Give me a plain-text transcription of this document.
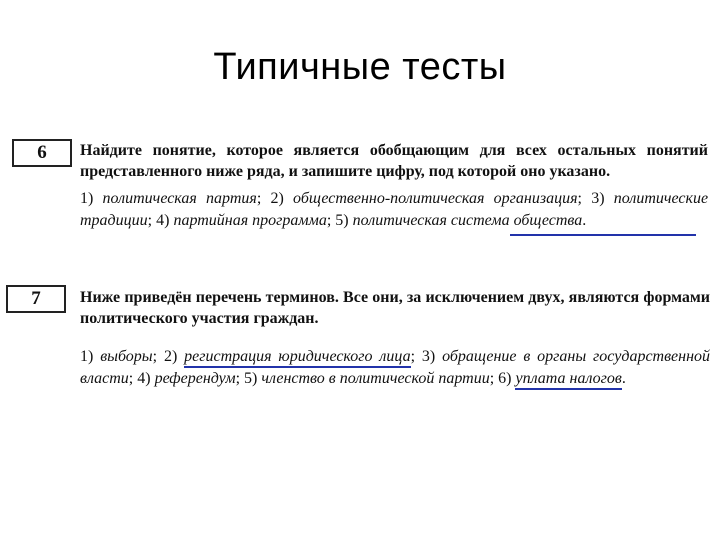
Типичные тесты
6 Найдите понятие, которое является обобщающим для всех остальных понятий представленного ниже ряда, и запишите цифру, под которой оно указано.
1) политическая партия; 2) общественно-политическая организация; 3) политические традиции; 4) партийная программа; 5) политическая система общества.
7 Ниже приведён перечень терминов. Все они, за исключением двух, являются формами политического участия граждан.
1) выборы; 2) регистрация юридического лица; 3) обращение в органы государственной власти; 4) референдум; 5) членство в политической партии; 6) уплата налогов.
